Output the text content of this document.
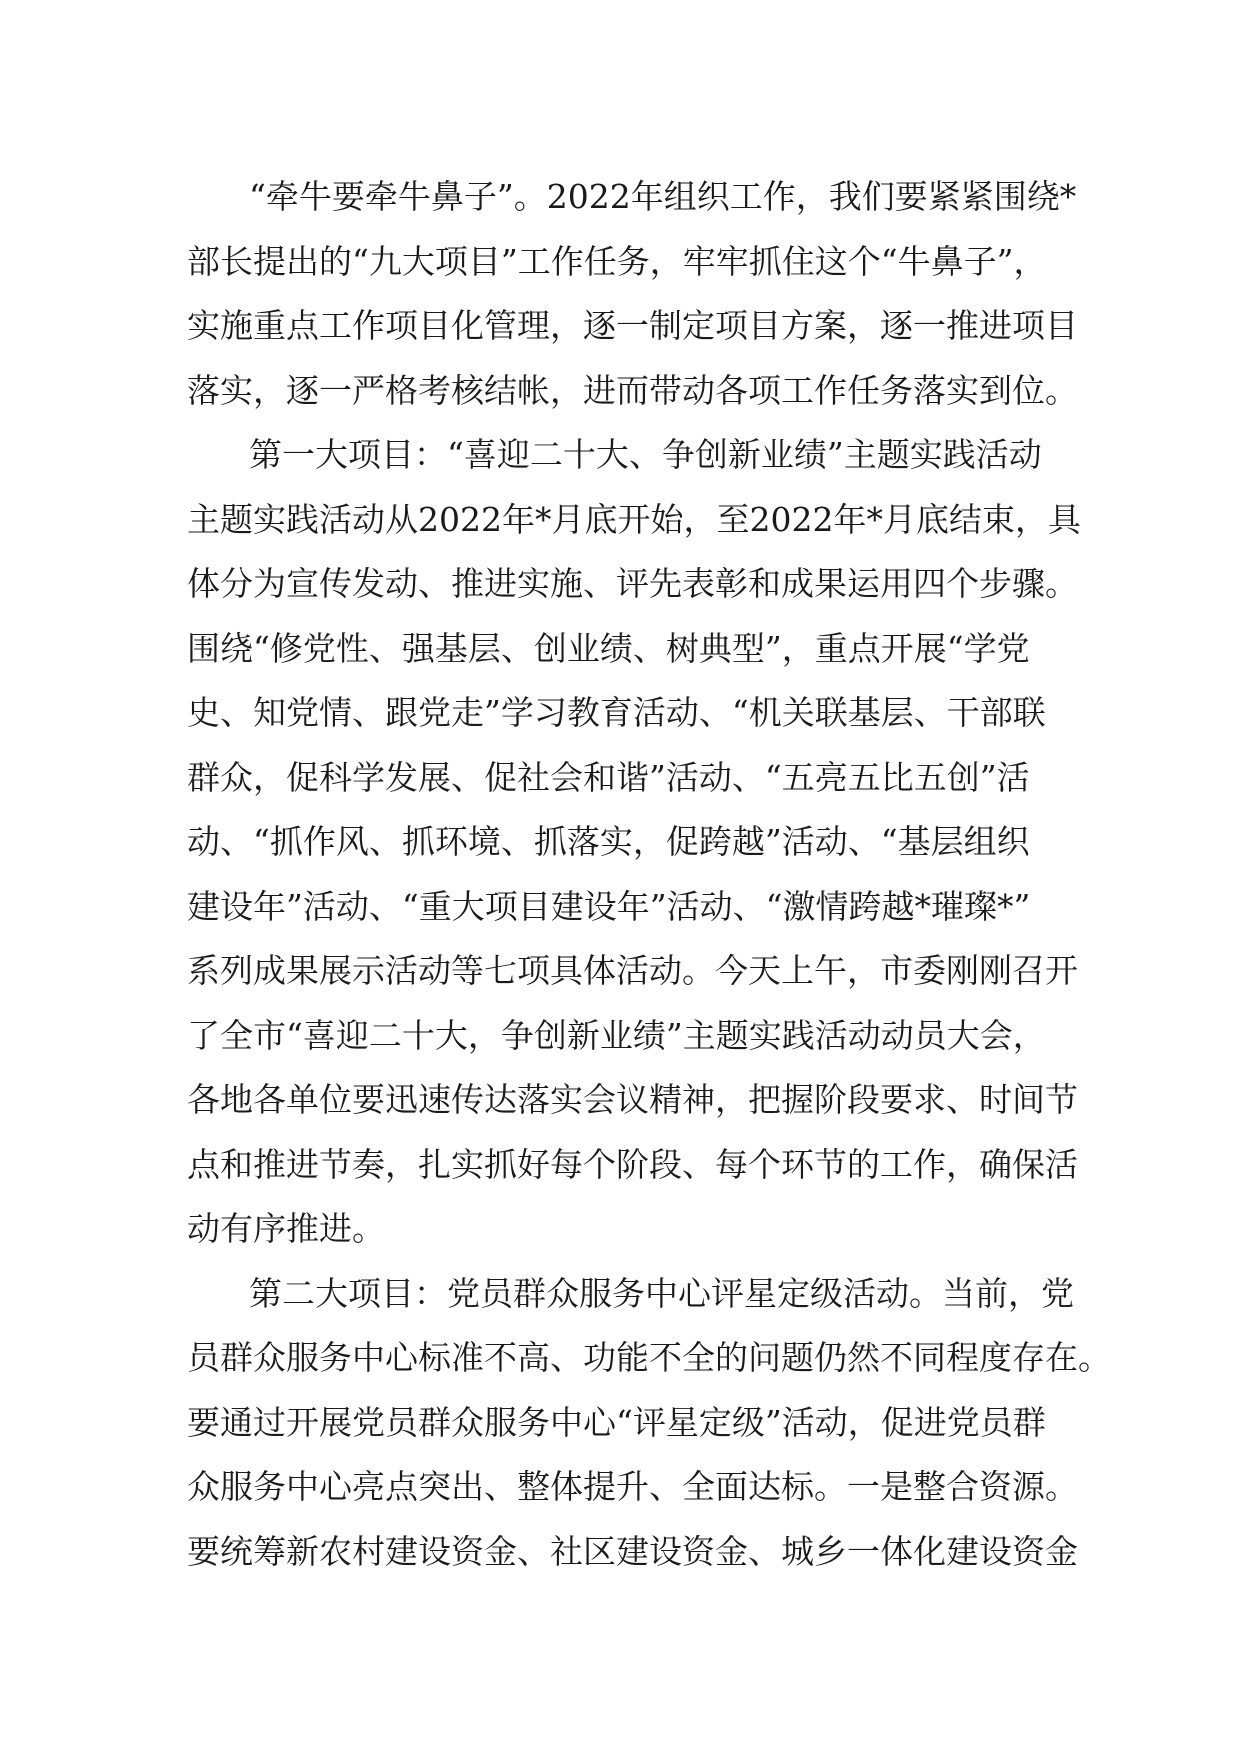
“牵牛要牵牛鼻子”。2022年组织工作，我们要紧紧围绕*
部长提出的“九大项目”工作任务，牢牢抓住这个“牛鼻子”，
实施重点工作项目化管理，逐一制定项目方案，逐一推进项目
落实，逐一严格考核结帐，进而带动各项工作任务落实到位。
第一大项目：“喜迎二十大、争创新业绩”主题实践活动
主题实践活动从2022年*月底开始，至2022年*月底结束，具
体分为宣传发动、推进实施、评先表彰和成果运用四个步骤。
围绕“修党性、强基层、创业绩、树典型”，重点开展“学党
史、知党情、跟党走”学习教育活动、“机关联基层、干部联
群众，促科学发展、促社会和谐”活动、“五亮五比五创”活
动、“抓作风、抓环境、抓落实，促跨越”活动、“基层组织
建设年”活动、“重大项目建设年”活动、“激情跨越*璀璨*”
系列成果展示活动等七项具体活动。今天上午，市委刚刚召开
了全市“喜迎二十大，争创新业绩”主题实践活动动员大会，
各地各单位要迅速传达落实会议精神，把握阶段要求、时间节
点和推进节奏，扎实抓好每个阶段、每个环节的工作，确保活
动有序推进。
第二大项目：党员群众服务中心评星定级活动。当前，党
员群众服务中心标准不高、功能不全的问题仍然不同程度存在。
要通过开展党员群众服务中心“评星定级”活动，促进党员群
众服务中心亮点突出、整体提升、全面达标。一是整合资源。
要统筹新农村建设资金、社区建设资金、城乡一体化建设资金
